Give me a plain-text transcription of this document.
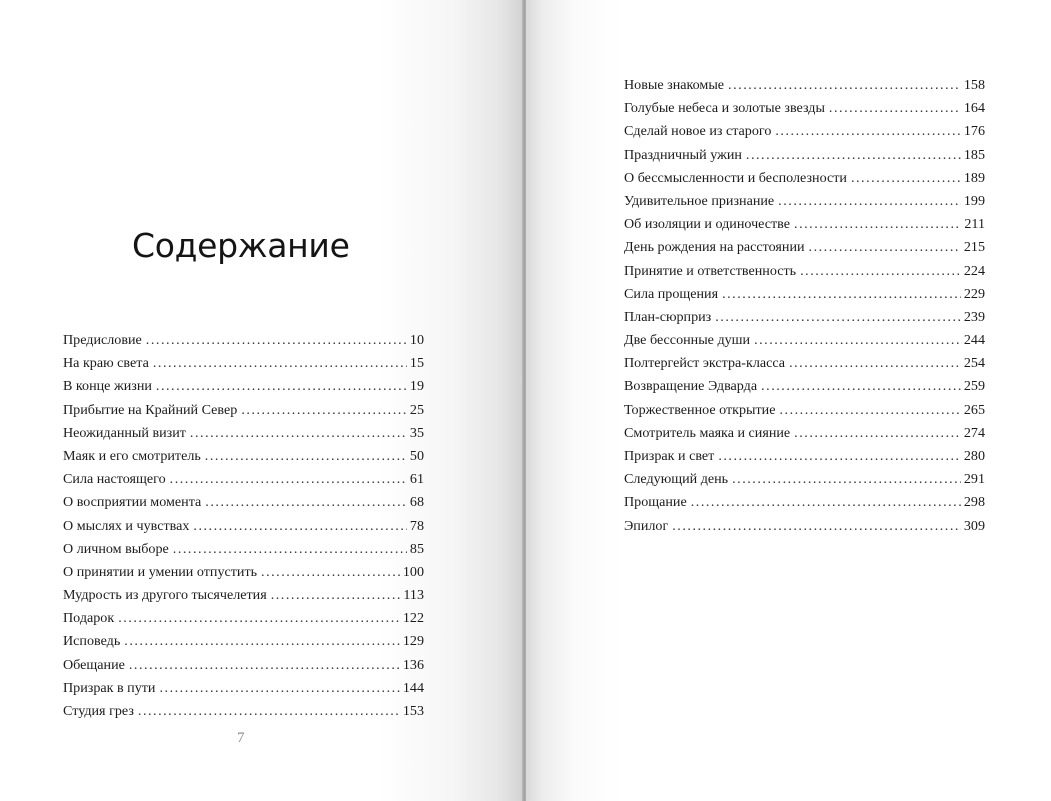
Содержание
Предисловие . . .	10
На краю света . . .	15
В конце жизни . . .	19
Прибытие на Крайний Север . . .	25
Неожиданный визит . . .	35
Маяк и его смотритель . . .	50
Сила настоящего . . .	61
О восприятии момента . . .	68
О мыслях и чувствах . . .	78
О личном выборе . . .	85
О принятии и умении отпустить . . .	100
Мудрость из другого тысячелетия . . .	113
Подарок . . .	122
Исповедь . . .	129
Обещание . . .	136
Призрак в пути . . .	144
Студия грез . . .	153
7
Новые знакомые . . .	158
Голубые небеса и золотые звезды . . .	164
Сделай новое из старого . . .	176
Праздничный ужин . . .	185
О бессмысленности и бесполезности . . .	189
Удивительное признание . . .	199
Об изоляции и одиночестве . . .	211
День рождения на расстоянии . . .	215
Принятие и ответственность . . .	224
Сила прощения . . .	229
План-сюрприз . . .	239
Две бессонные души . . .	244
Полтергейст экстра-класса . . .	254
Возвращение Эдварда . . .	259
Торжественное открытие . . .	265
Смотритель маяка и сияние . . .	274
Призрак и свет . . .	280
Следующий день . . .	291
Прощание . . .	298
Эпилог . . .	309
